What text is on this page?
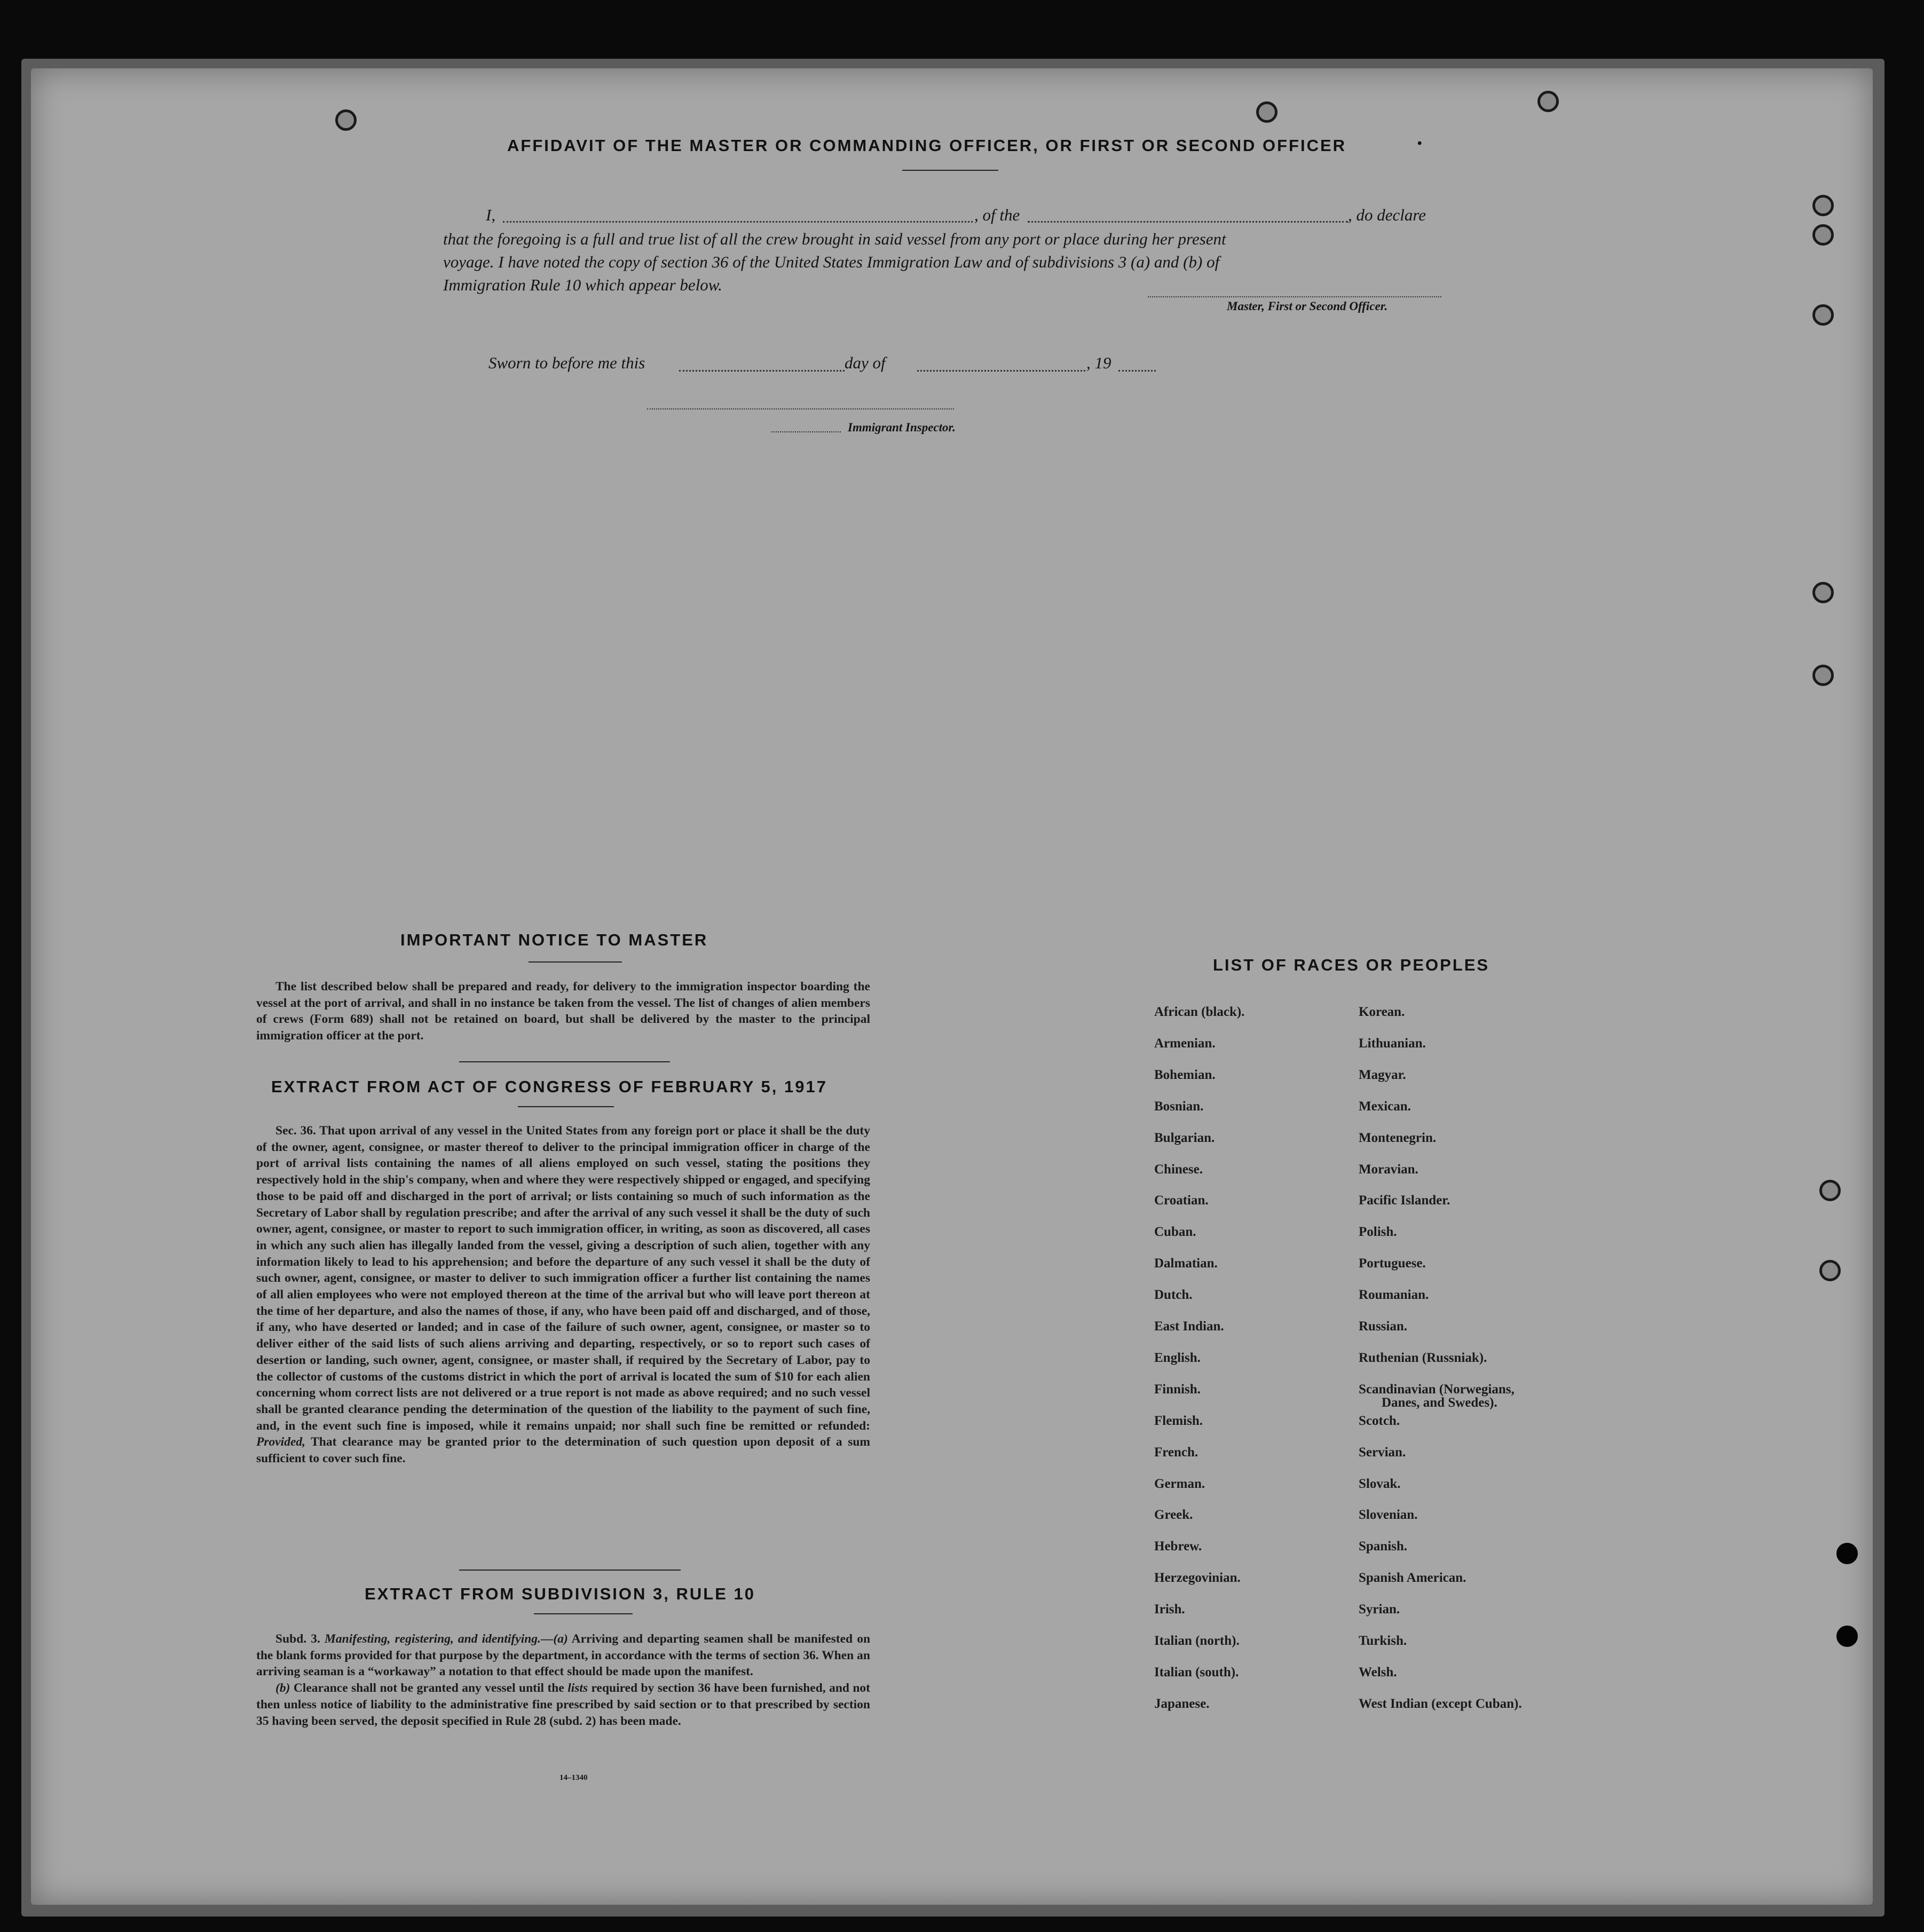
AFFIDAVIT OF THE MASTER OR COMMANDING OFFICER, OR FIRST OR SECOND OFFICER	•
I,	, of the	, do declare
that the foregoing is a full and true list of all the crew brought in said vessel from any port or place during her present
voyage. I have noted the copy of section 36 of the United States Immigration Law and of subdivisions 3 (a) and (b) of
Immigration Rule 10 which appear below.
Master, First or Second Officer.
Sworn to before me this	day of	, 19
Immigrant Inspector.
IMPORTANT NOTICE TO MASTER

The list described below shall be prepared and ready, for delivery to the immigration inspector boarding the vessel at the port of arrival, and shall in no instance be taken from the vessel. The list of changes of alien members of crews (Form 689) shall not be retained on board, but shall be delivered by the master to the principal immigration officer at the port.

EXTRACT FROM ACT OF CONGRESS OF FEBRUARY 5, 1917

Sec. 36. That upon arrival of any vessel in the United States from any foreign port or place it shall be the duty of the owner, agent, consignee, or master thereof to deliver to the principal immigration officer in charge of the port of arrival lists containing the names of all aliens employed on such vessel, stating the positions they respectively hold in the ship's company, when and where they were respectively shipped or engaged, and specifying those to be paid off and discharged in the port of arrival; or lists containing so much of such information as the Secretary of Labor shall by regulation prescribe; and after the arrival of any such vessel it shall be the duty of such owner, agent, consignee, or master to report to such immigration officer, in writing, as soon as discovered, all cases in which any such alien has illegally landed from the vessel, giving a description of such alien, together with any information likely to lead to his apprehension; and before the departure of any such vessel it shall be the duty of such owner, agent, consignee, or master to deliver to such immigration officer a further list containing the names of all alien employees who were not employed thereon at the time of the arrival but who will leave port thereon at the time of her departure, and also the names of those, if any, who have been paid off and discharged, and of those, if any, who have deserted or landed; and in case of the failure of such owner, agent, consignee, or master so to deliver either of the said lists of such aliens arriving and departing, respectively, or so to report such cases of desertion or landing, such owner, agent, consignee, or master shall, if required by the Secretary of Labor, pay to the collector of customs of the customs district in which the port of arrival is located the sum of $10 for each alien concerning whom correct lists are not delivered or a true report is not made as above required; and no such vessel shall be granted clearance pending the determination of the question of the liability to the payment of such fine, and, in the event such fine is imposed, while it remains unpaid; nor shall such fine be remitted or refunded: Provided, That clearance may be granted prior to the determination of such question upon deposit of a sum sufficient to cover such fine.

EXTRACT FROM SUBDIVISION 3, RULE 10

Subd. 3. Manifesting, registering, and identifying.—(a) Arriving and departing seamen shall be manifested on the blank forms provided for that purpose by the department, in accordance with the terms of section 36. When an arriving seaman is a “workaway” a notation to that effect should be made upon the manifest.

(b) Clearance shall not be granted any vessel until the lists required by section 36 have been furnished, and not then unless notice of liability to the administrative fine prescribed by said section or to that prescribed by section 35 having been served, the deposit specified in Rule 28 (subd. 2) has been made.

14–1340
LIST OF RACES OR PEOPLES
African (black).
Armenian.
Bohemian.
Bosnian.
Bulgarian.
Chinese.
Croatian.
Cuban.
Dalmatian.
Dutch.
East Indian.
English.
Finnish.
Flemish.
French.
German.
Greek.
Hebrew.
Herzegovinian.
Irish.
Italian (north).
Italian (south).
Japanese.
Korean.
Lithuanian.
Magyar.
Mexican.
Montenegrin.
Moravian.
Pacific Islander.
Polish.
Portuguese.
Roumanian.
Russian.
Ruthenian (Russniak).
Scandinavian (Norwegians,
Danes, and Swedes).
Scotch.
Servian.
Slovak.
Slovenian.
Spanish.
Spanish American.
Syrian.
Turkish.
Welsh.
West Indian (except Cuban).
